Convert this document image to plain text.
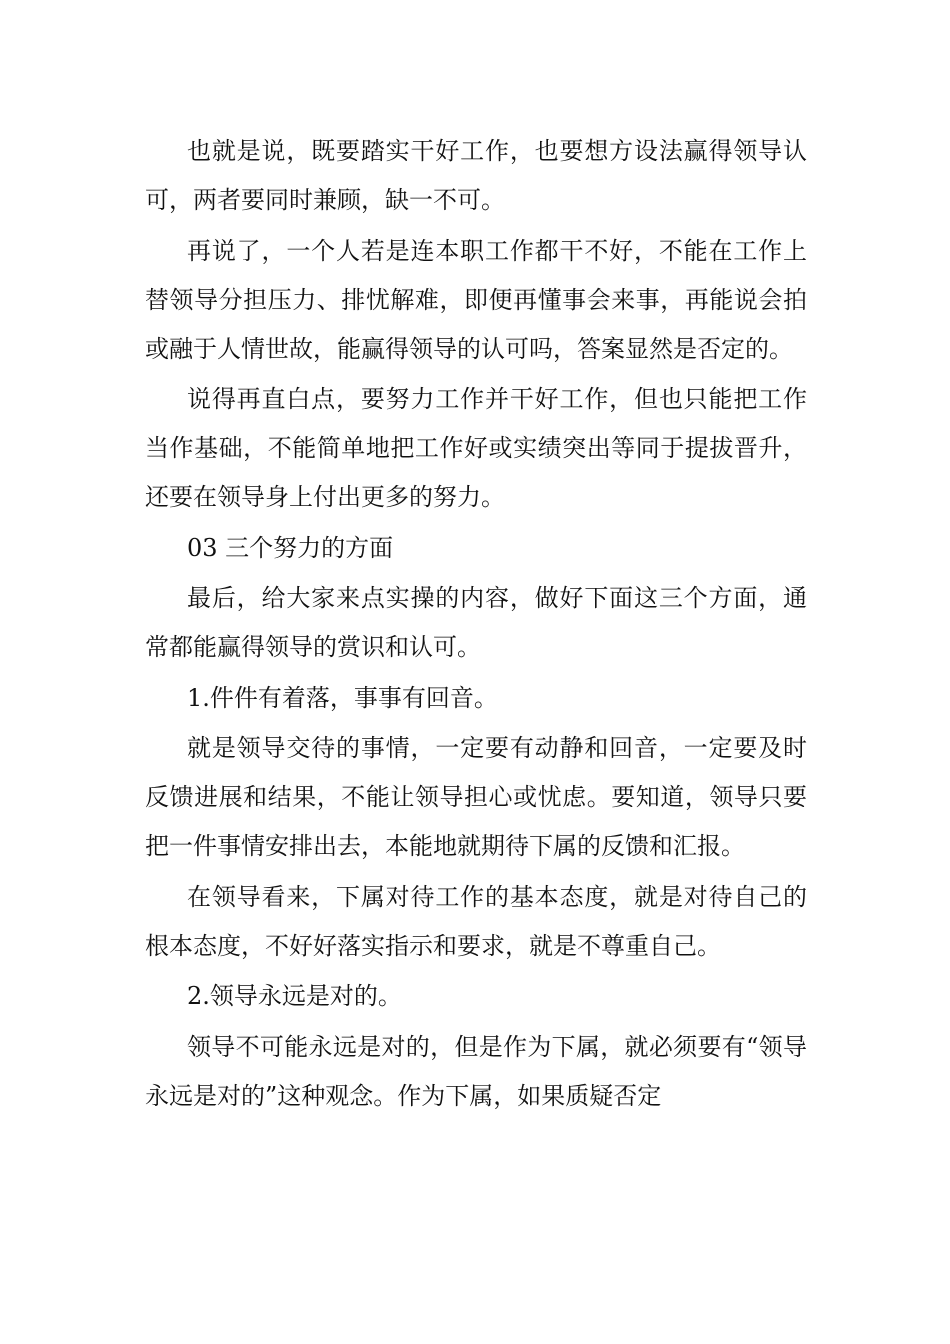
也就是说，既要踏实干好工作，也要想方设法赢得领导认可，两者要同时兼顾，缺一不可。

再说了，一个人若是连本职工作都干不好，不能在工作上替领导分担压力、排忧解难，即便再懂事会来事，再能说会拍或融于人情世故，能赢得领导的认可吗，答案显然是否定的。

说得再直白点，要努力工作并干好工作，但也只能把工作当作基础，不能简单地把工作好或实绩突出等同于提拔晋升，还要在领导身上付出更多的努力。

03 三个努力的方面

最后，给大家来点实操的内容，做好下面这三个方面，通常都能赢得领导的赏识和认可。

1.件件有着落，事事有回音。

就是领导交待的事情，一定要有动静和回音，一定要及时反馈进展和结果，不能让领导担心或忧虑。要知道，领导只要把一件事情安排出去，本能地就期待下属的反馈和汇报。

在领导看来，下属对待工作的基本态度，就是对待自己的根本态度，不好好落实指示和要求，就是不尊重自己。

2.领导永远是对的。

领导不可能永远是对的，但是作为下属，就必须要有“领导永远是对的”这种观念。作为下属，如果质疑否定
